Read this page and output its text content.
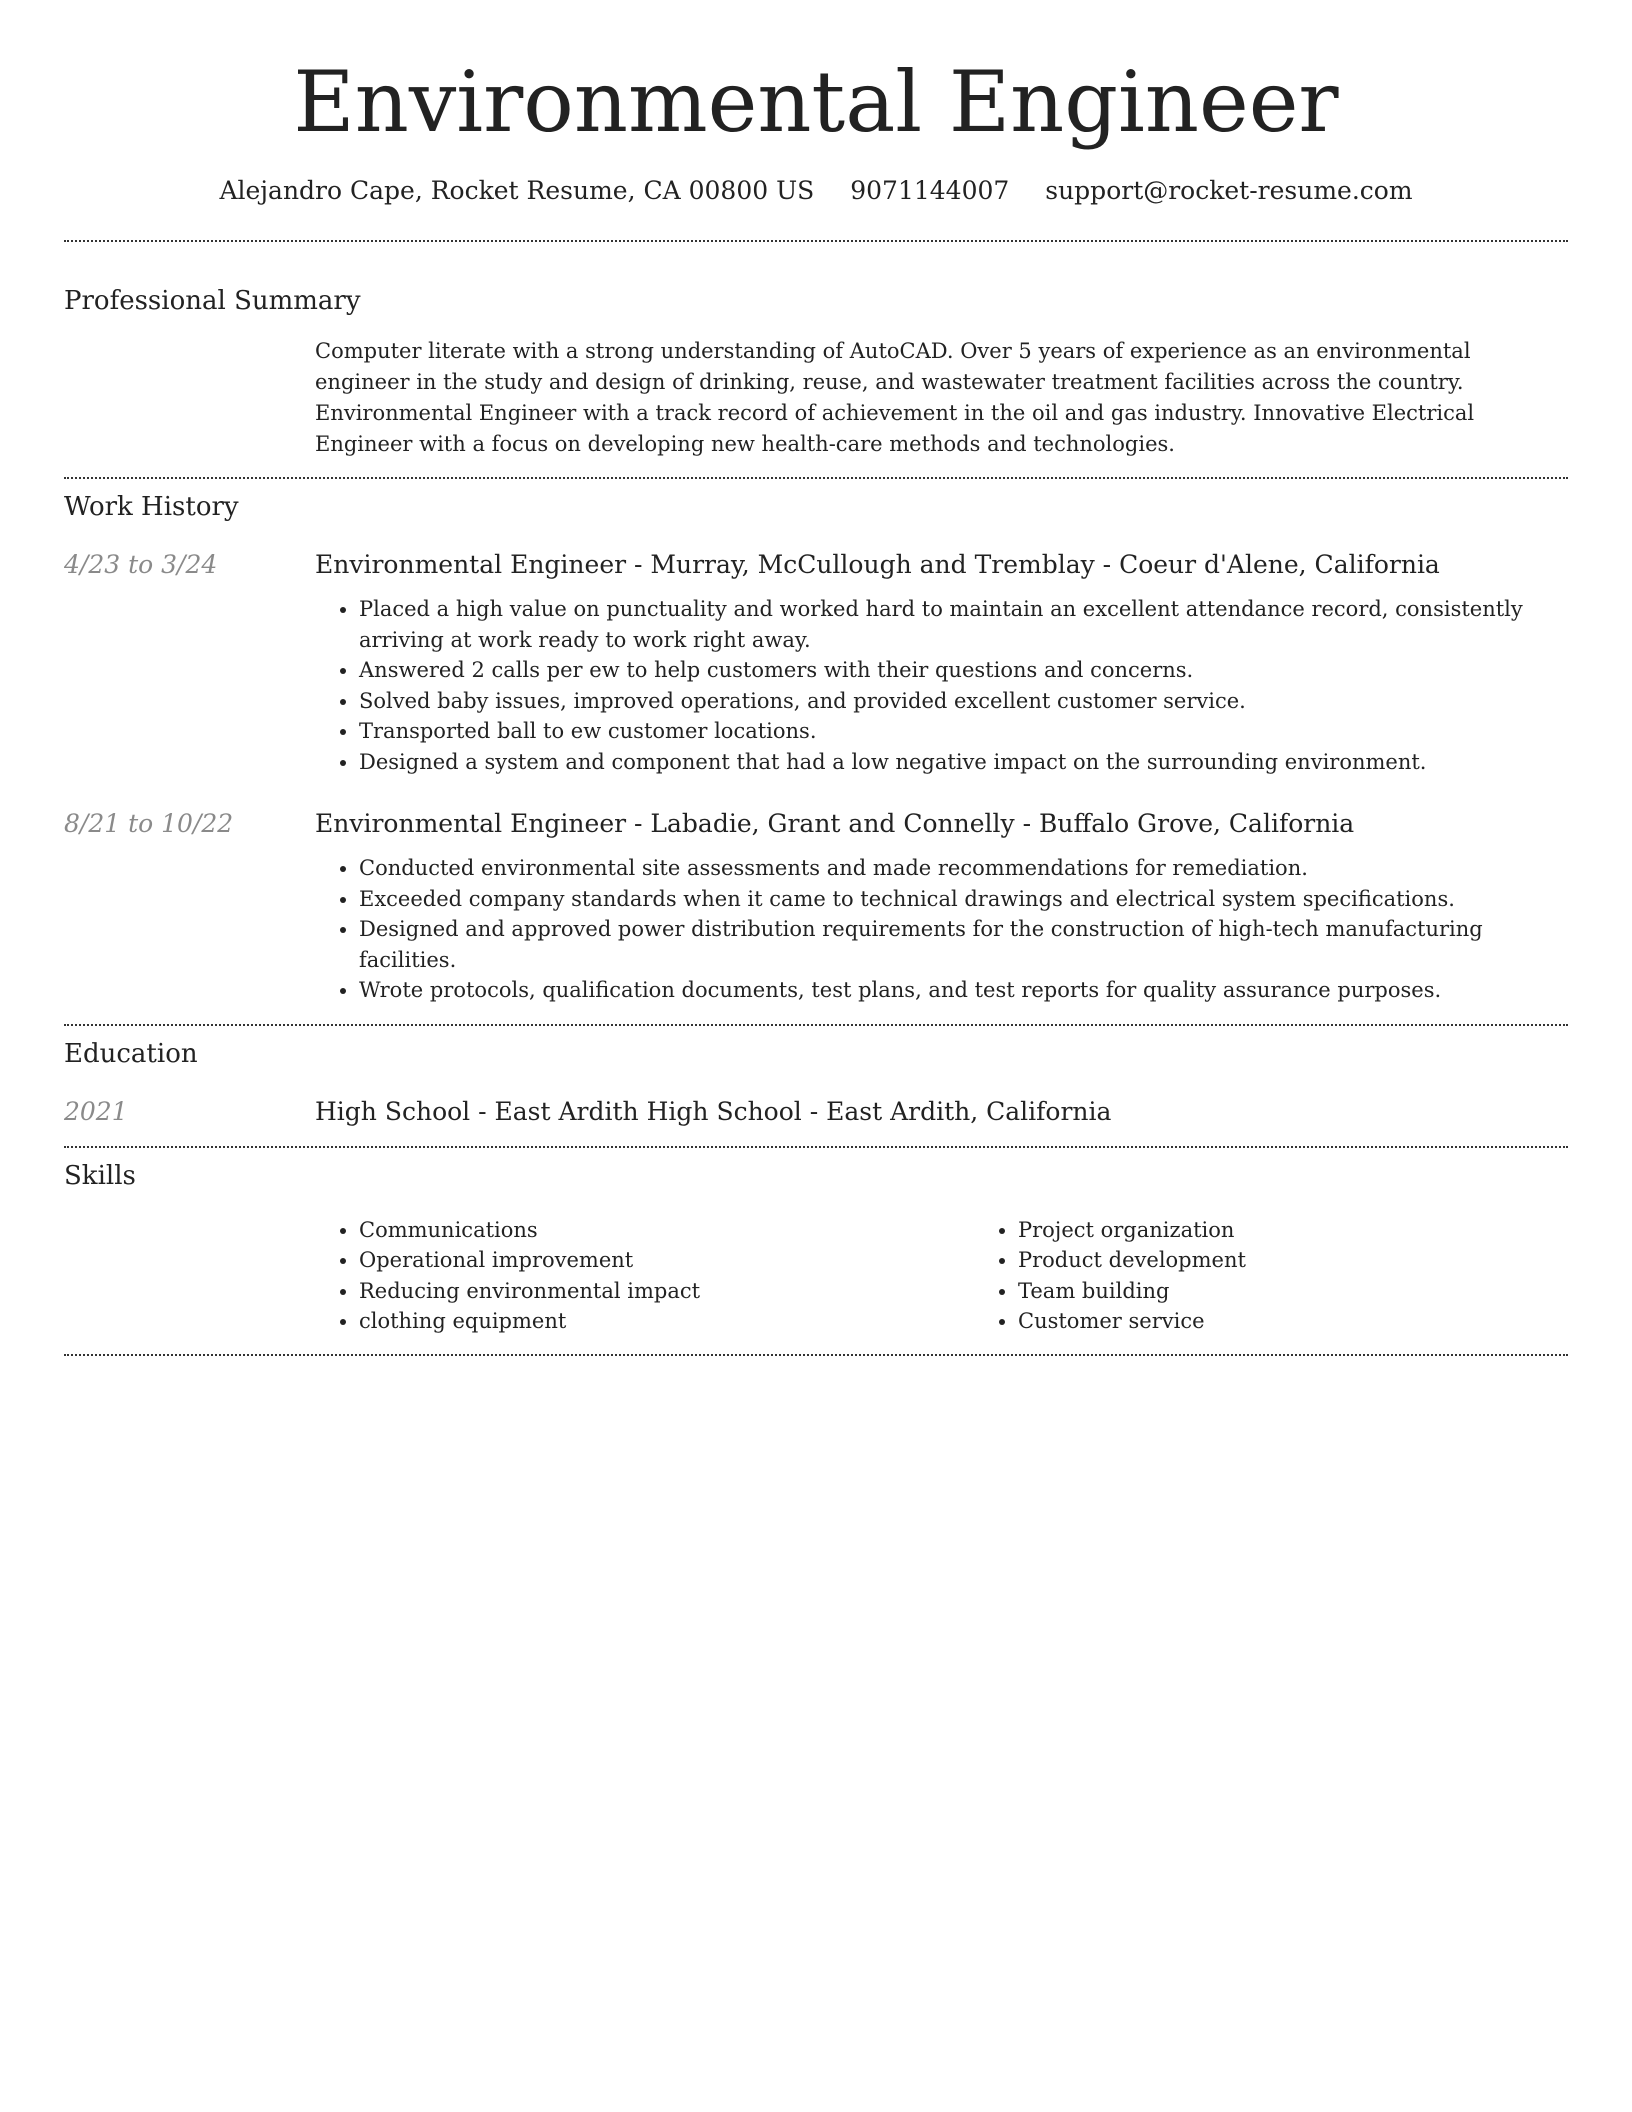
Environmental Engineer
Alejandro Cape, Rocket Resume, CA 00800 US 9071144007 support@rocket-resume.com
Professional Summary

Computer literate with a strong understanding of AutoCAD. Over 5 years of experience as an environmental engineer in the study and design of drinking, reuse, and wastewater treatment facilities across the country. Environmental Engineer with a track record of achievement in the oil and gas industry. Innovative Electrical Engineer with a focus on developing new health-care methods and technologies.

Work History
4/23 to 3/24	Environmental Engineer - Murray, McCullough and Tremblay - Coeur d'Alene, California
• Placed a high value on punctuality and worked hard to maintain an excellent attendance record, consistently arriving at work ready to work right away.
• Answered 2 calls per ew to help customers with their questions and concerns.
• Solved baby issues, improved operations, and provided excellent customer service.
• Transported ball to ew customer locations.
• Designed a system and component that had a low negative impact on the surrounding environment.
8/21 to 10/22	Environmental Engineer - Labadie, Grant and Connelly - Buffalo Grove, California
• Conducted environmental site assessments and made recommendations for remediation.
• Exceeded company standards when it came to technical drawings and electrical system specifications.
• Designed and approved power distribution requirements for the construction of high-tech manufacturing facilities.
• Wrote protocols, qualification documents, test plans, and test reports for quality assurance purposes.
Education
2021	High School - East Ardith High School - East Ardith, California
Skills
• Communications
• Operational improvement
• Reducing environmental impact
• clothing equipment
• Project organization
• Product development
• Team building
• Customer service
